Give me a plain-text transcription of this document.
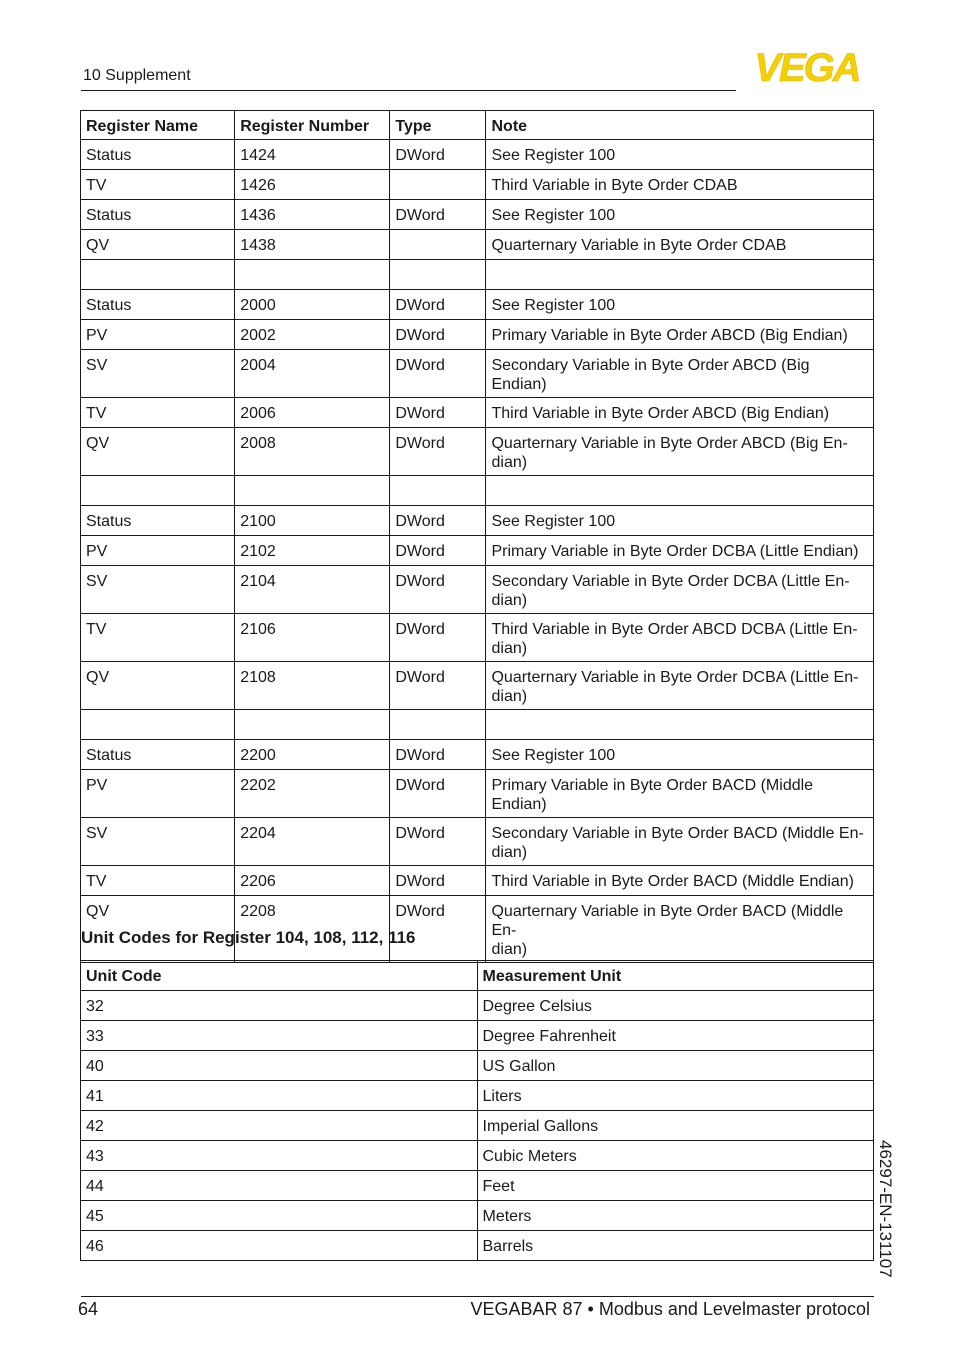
10 Supplement	VEGA
Register Name	Register Number	Type	Note
Status	1424	DWord	See Register 100
TV	1426		Third Variable in Byte Order CDAB
Status	1436	DWord	See Register 100
QV	1438		Quarternary Variable in Byte Order CDAB

Status	2000	DWord	See Register 100
PV	2002	DWord	Primary Variable in Byte Order ABCD (Big Endian)
SV	2004	DWord	Secondary Variable in Byte Order ABCD (Big Endian)
TV	2006	DWord	Third Variable in Byte Order ABCD (Big Endian)
QV	2008	DWord	Quarternary Variable in Byte Order ABCD (Big En-
dian)

Status	2100	DWord	See Register 100
PV	2102	DWord	Primary Variable in Byte Order DCBA (Little Endian)
SV	2104	DWord	Secondary Variable in Byte Order DCBA (Little En-
dian)
TV	2106	DWord	Third Variable in Byte Order ABCD DCBA (Little En-
dian)
QV	2108	DWord	Quarternary Variable in Byte Order DCBA (Little En-
dian)

Status	2200	DWord	See Register 100
PV	2202	DWord	Primary Variable in Byte Order BACD (Middle Endian)
SV	2204	DWord	Secondary Variable in Byte Order BACD (Middle En-
dian)
TV	2206	DWord	Third Variable in Byte Order BACD (Middle Endian)
QV	2208	DWord	Quarternary Variable in Byte Order BACD (Middle En-
dian)
Unit Codes for Register 104, 108, 112, 116
Unit Code	Measurement Unit
32	Degree Celsius
33	Degree Fahrenheit
40	US Gallon
41	Liters
42	Imperial Gallons
43	Cubic Meters
44	Feet
45	Meters
46	Barrels	46297-EN-131107
64	VEGABAR 87 • Modbus and Levelmaster protocol
